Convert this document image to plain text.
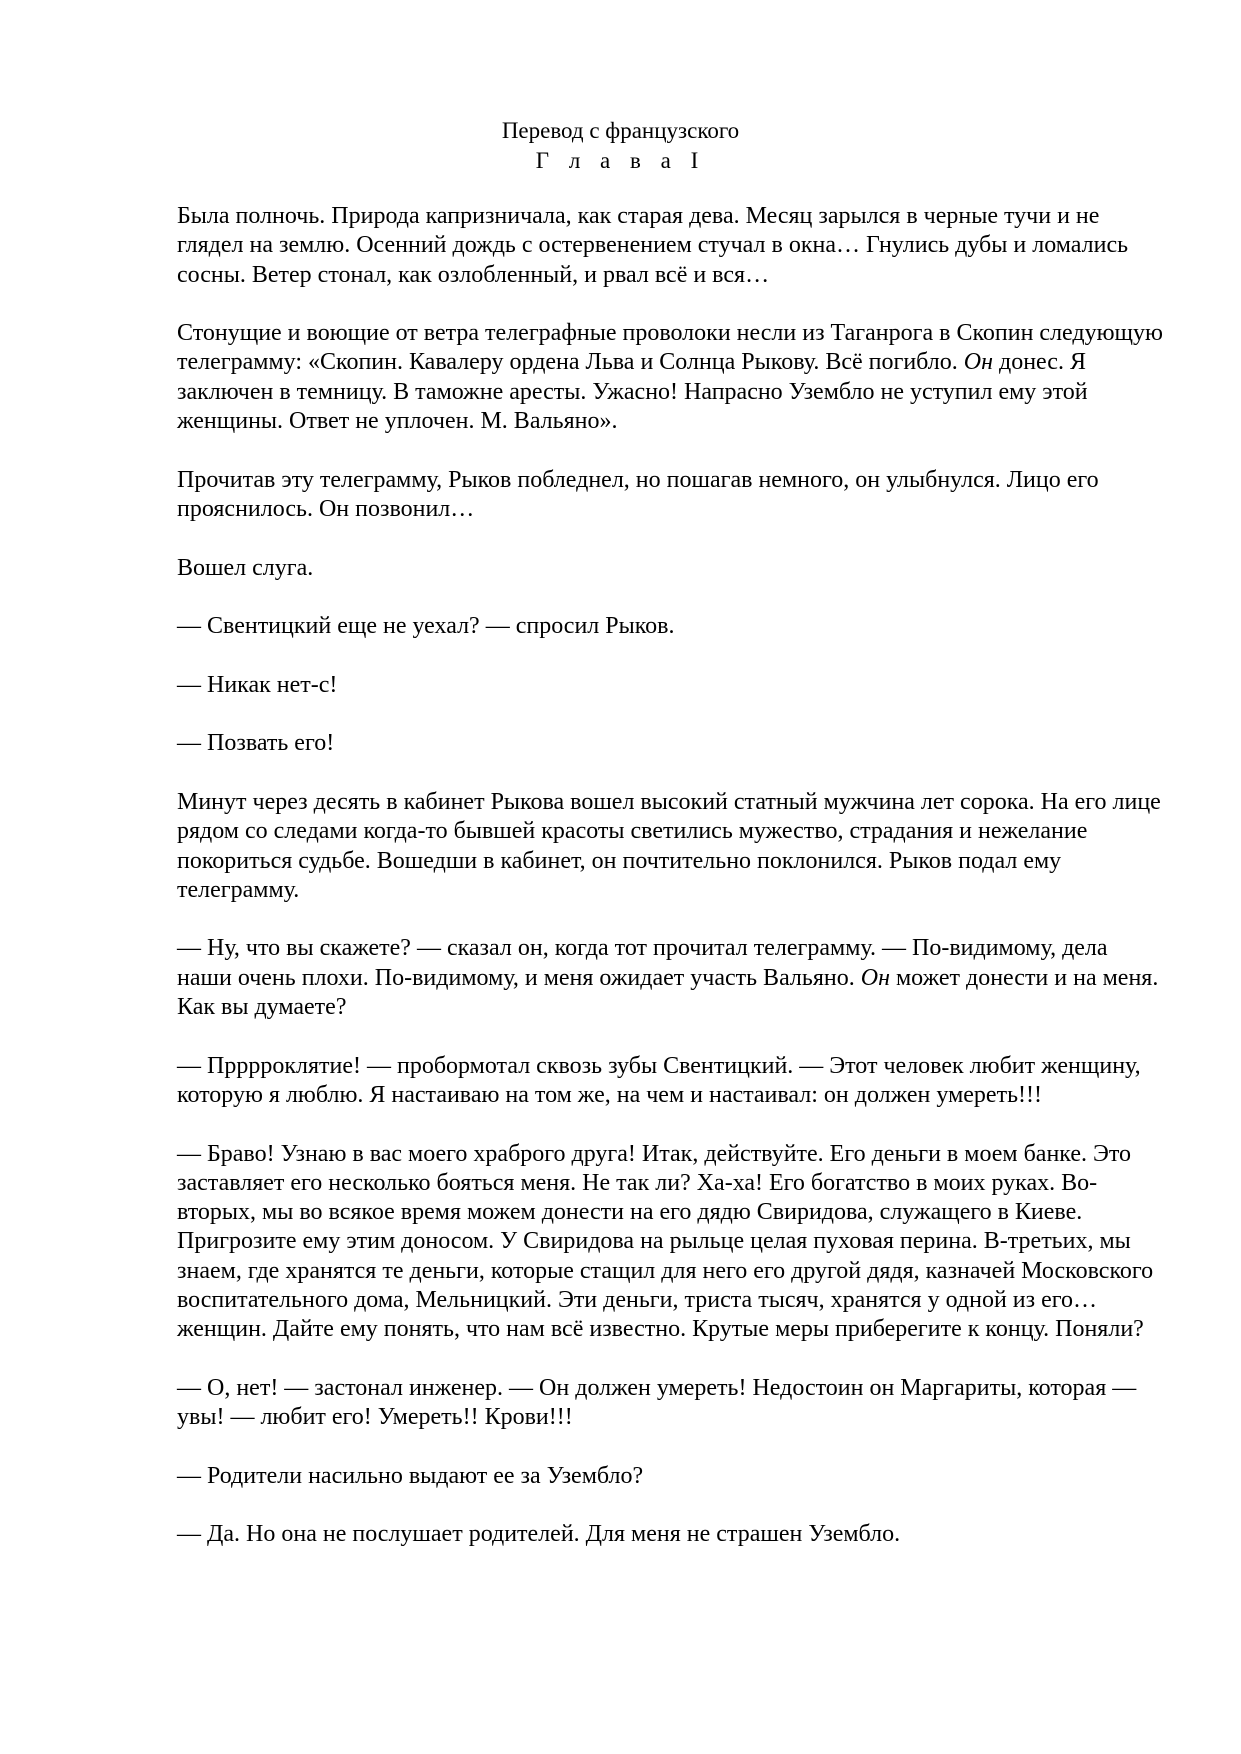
Перевод с французского
Г л а в а I

Была полночь. Природа капризничала, как старая дева. Месяц зарылся в черные тучи и не глядел на землю. Осенний дождь с остервенением стучал в окна… Гнулись дубы и ломались сосны. Ветер стонал, как озлобленный, и рвал всё и вся…

Стонущие и воющие от ветра телеграфные проволоки несли из Таганрога в Скопин следующую телеграмму: «Скопин. Кавалеру ордена Льва и Солнца Рыкову. Всё погибло. Он донес. Я заключен в темницу. В таможне аресты. Ужасно! Напрасно Узембло не уступил ему этой женщины. Ответ не уплочен. М. Вальяно».

Прочитав эту телеграмму, Рыков побледнел, но пошагав немного, он улыбнулся. Лицо его прояснилось. Он позвонил…

Вошел слуга.

— Свентицкий еще не уехал? — спросил Рыков.

— Никак нет-с!

— Позвать его!

Минут через десять в кабинет Рыкова вошел высокий статный мужчина лет сорока. На его лице рядом со следами когда-то бывшей красоты светились мужество, страдания и нежелание покориться судьбе. Вошедши в кабинет, он почтительно поклонился. Рыков подал ему телеграмму.

— Ну, что вы скажете? — сказал он, когда тот прочитал телеграмму. — По-видимому, дела наши очень плохи. По-видимому, и меня ожидает участь Вальяно. Он может донести и на меня. Как вы думаете?

— Прррроклятие! — пробормотал сквозь зубы Свентицкий. — Этот человек любит женщину, которую я люблю. Я настаиваю на том же, на чем и настаивал: он должен умереть!!!

— Браво! Узнаю в вас моего храброго друга! Итак, действуйте. Его деньги в моем банке. Это заставляет его несколько бояться меня. Не так ли? Ха-ха! Его богатство в моих руках. Во-вторых, мы во всякое время можем донести на его дядю Свиридова, служащего в Киеве. Пригрозите ему этим доносом. У Свиридова на рыльце целая пуховая перина. В-третьих, мы знаем, где хранятся те деньги, которые стащил для него его другой дядя, казначей Московского воспитательного дома, Мельницкий. Эти деньги, триста тысяч, хранятся у одной из его… женщин. Дайте ему понять, что нам всё известно. Крутые меры приберегите к концу. Поняли?

— О, нет! — застонал инженер. — Он должен умереть! Недостоин он Маргариты, которая — увы! — любит его! Умереть!! Крови!!!

— Родители насильно выдают ее за Узембло?

— Да. Но она не послушает родителей. Для меня не страшен Узембло.
